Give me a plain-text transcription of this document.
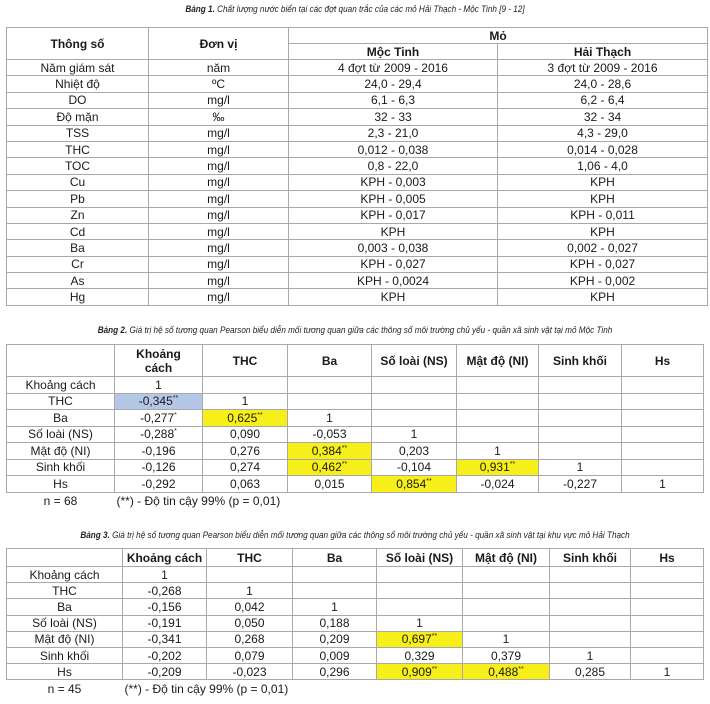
Bảng 1. Chất lượng nước biển tại các đợt quan trắc của các mỏ Hải Thạch - Mộc Tinh [9 - 12]
Thông số	Đơn vị	Mỏ	
		Mộc Tinh	Hải Thạch
Năm giám sát	năm	4 đợt từ 2009 - 2016	3 đợt từ 2009 - 2016
Nhiệt độ	ºC	24,0 - 29,4	24,0 - 28,6
DO	mg/l	6,1 - 6,3	6,2 - 6,4
Độ mặn	‰	32 - 33	32 - 34
TSS	mg/l	2,3 - 21,0	4,3 - 29,0
THC	mg/l	0,012 - 0,038	0,014 - 0,028
TOC	mg/l	0,8 - 22,0	1,06 - 4,0
Cu	mg/l	KPH - 0,003	KPH
Pb	mg/l	KPH - 0,005	KPH
Zn	mg/l	KPH - 0,017	KPH - 0,011
Cd	mg/l	KPH	KPH
Ba	mg/l	0,003 - 0,038	0,002 - 0,027
Cr	mg/l	KPH - 0,027	KPH - 0,027
As	mg/l	KPH - 0,0024	KPH - 0,002
Hg	mg/l	KPH	KPH
Bảng 2. Giá trị hệ số tương quan Pearson biểu diễn mối tương quan giữa các thông số môi trường chủ yếu - quần xã sinh vật tại mỏ Mộc Tinh
	Khoảng cách	THC	Ba	Số loài (NS)	Mật độ (NI)	Sinh khối	Hs
Khoảng cách	1						
THC	-0,345**	1					
Ba	-0,277*	0,625**	1				
Số loài (NS)	-0,288*	0,090	-0,053	1			
Mật độ (NI)	-0,196	0,276	0,384**	0,203	1		
Sinh khối	-0,126	0,274	0,462**	-0,104	0,931**	1	
Hs	-0,292	0,063	0,015	0,854**	-0,024	-0,227	1
n = 68	(**) - Độ tin cậy 99% (p = 0,01)						
Bảng 3. Giá trị hệ số tương quan Pearson biểu diễn mối tương quan giữa các thông số môi trường chủ yếu - quần xã sinh vật tại khu vực mỏ Hải Thạch
	Khoảng cách	THC	Ba	Số loài (NS)	Mật độ (NI)	Sinh khối	Hs
Khoảng cách	1						
THC	-0,268	1					
Ba	-0,156	0,042	1				
Số loài (NS)	-0,191	0,050	0,188	1			
Mật độ (NI)	-0,341	0,268	0,209	0,697**	1		
Sinh khối	-0,202	0,079	0,009	0,329	0,379	1	
Hs	-0,209	-0,023	0,296	0,909**	0,488**	0,285	1
n = 45	(**) - Độ tin cậy 99% (p = 0,01)						
